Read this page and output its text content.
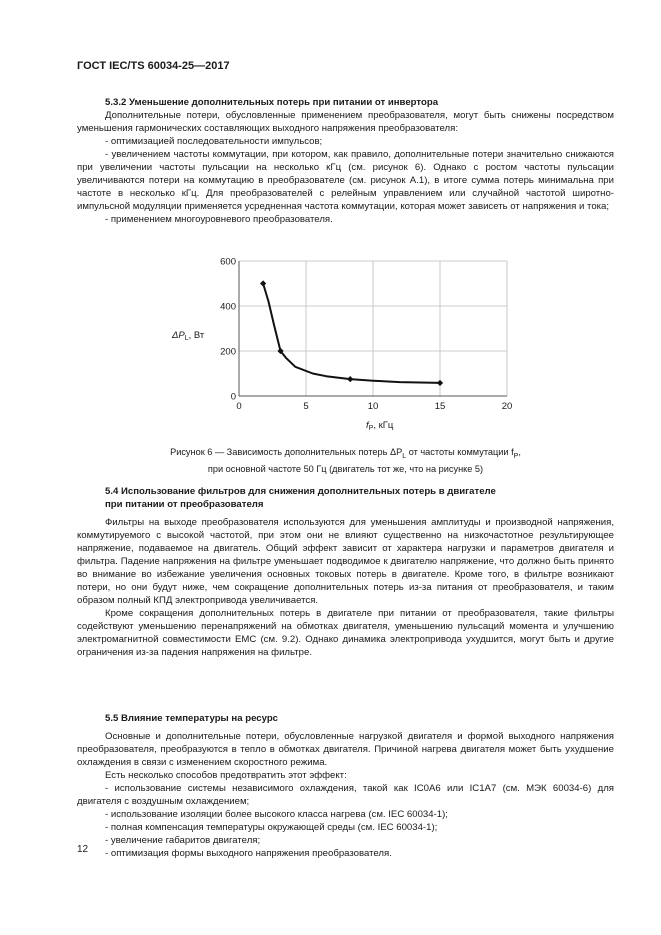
ГОСТ IEC/TS 60034-25—2017

5.3.2 Уменьшение дополнительных потерь при питании от инвертора

Дополнительные потери, обусловленные применением преобразователя, могут быть снижены посредством уменьшения гармонических составляющих выходного напряжения преобразователя:

- оптимизацией последовательности импульсов;

- увеличением частоты коммутации, при котором, как правило, дополнительные потери значительно снижаются при увеличении частоты пульсации на несколько кГц (см. рисунок 6). Однако с ростом частоты пульсации увеличиваются потери на коммутацию в преобразователе (см. рисунок А.1), в итоге сумма потерь минимальна при частоте в несколько кГц. Для преобразователей с релейным управлением или случайной частотой широтно-импульсной модуляции применяется усредненная частота коммутации, которая может зависеть от напряжения и тока;

- применением многоуровневого преобразователя.

$\Delta P_L$, Вт
0	5	10	15	20
0
200
400
600
$f_P$, кГц
Рисунок 6 — Зависимость дополнительных потерь $\Delta P_L$ от частоты коммутации $f_P$,
при основной частоте 50 Гц (двигатель тот же, что на рисунке 5)

5.4 Использование фильтров для снижения дополнительных потерь в двигателе

при питании от преобразователя

Фильтры на выходе преобразователя используются для уменьшения амплитуды и производной напряжения, коммутируемого с высокой частотой, при этом они не влияют существенно на низкочастотное результирующее напряжение, подаваемое на двигатель. Общий эффект зависит от характера нагрузки и параметров двигателя и фильтра. Падение напряжения на фильтре уменьшает подводимое к двигателю напряжение, что должно быть принято во внимание во избежание увеличения основных токовых потерь в двигателе. Кроме того, в фильтре возникают потери, но они будут ниже, чем сокращение дополнительных потерь из-за питания от преобразователя, и таким образом полный КПД электропривода увеличивается.

Кроме сокращения дополнительных потерь в двигателе при питании от преобразователя, такие фильтры содействуют уменьшению перенапряжений на обмотках двигателя, уменьшению пульсаций момента и улучшению электромагнитной совместимости ЕМС (см. 9.2). Однако динамика электропривода ухудшится, могут быть и другие ограничения из-за падения напряжения на фильтре.

5.5 Влияние температуры на ресурс

Основные и дополнительные потери, обусловленные нагрузкой двигателя и формой выходного напряжения преобразователя, преобразуются в тепло в обмотках двигателя. Причиной нагрева двигателя может быть ухудшение охлаждения в связи с изменением скоростного режима.

Есть несколько способов предотвратить этот эффект:

- использование системы независимого охлаждения, такой как IC0A6 или IC1A7 (см. МЭК 60034-6) для двигателя с воздушным охлаждением;

- использование изоляции более высокого класса нагрева (см. IEC 60034-1);

- полная компенсация температуры окружающей среды (см. IEC 60034-1);

- увеличение габаритов двигателя;

- оптимизация формы выходного напряжения преобразователя.

12
